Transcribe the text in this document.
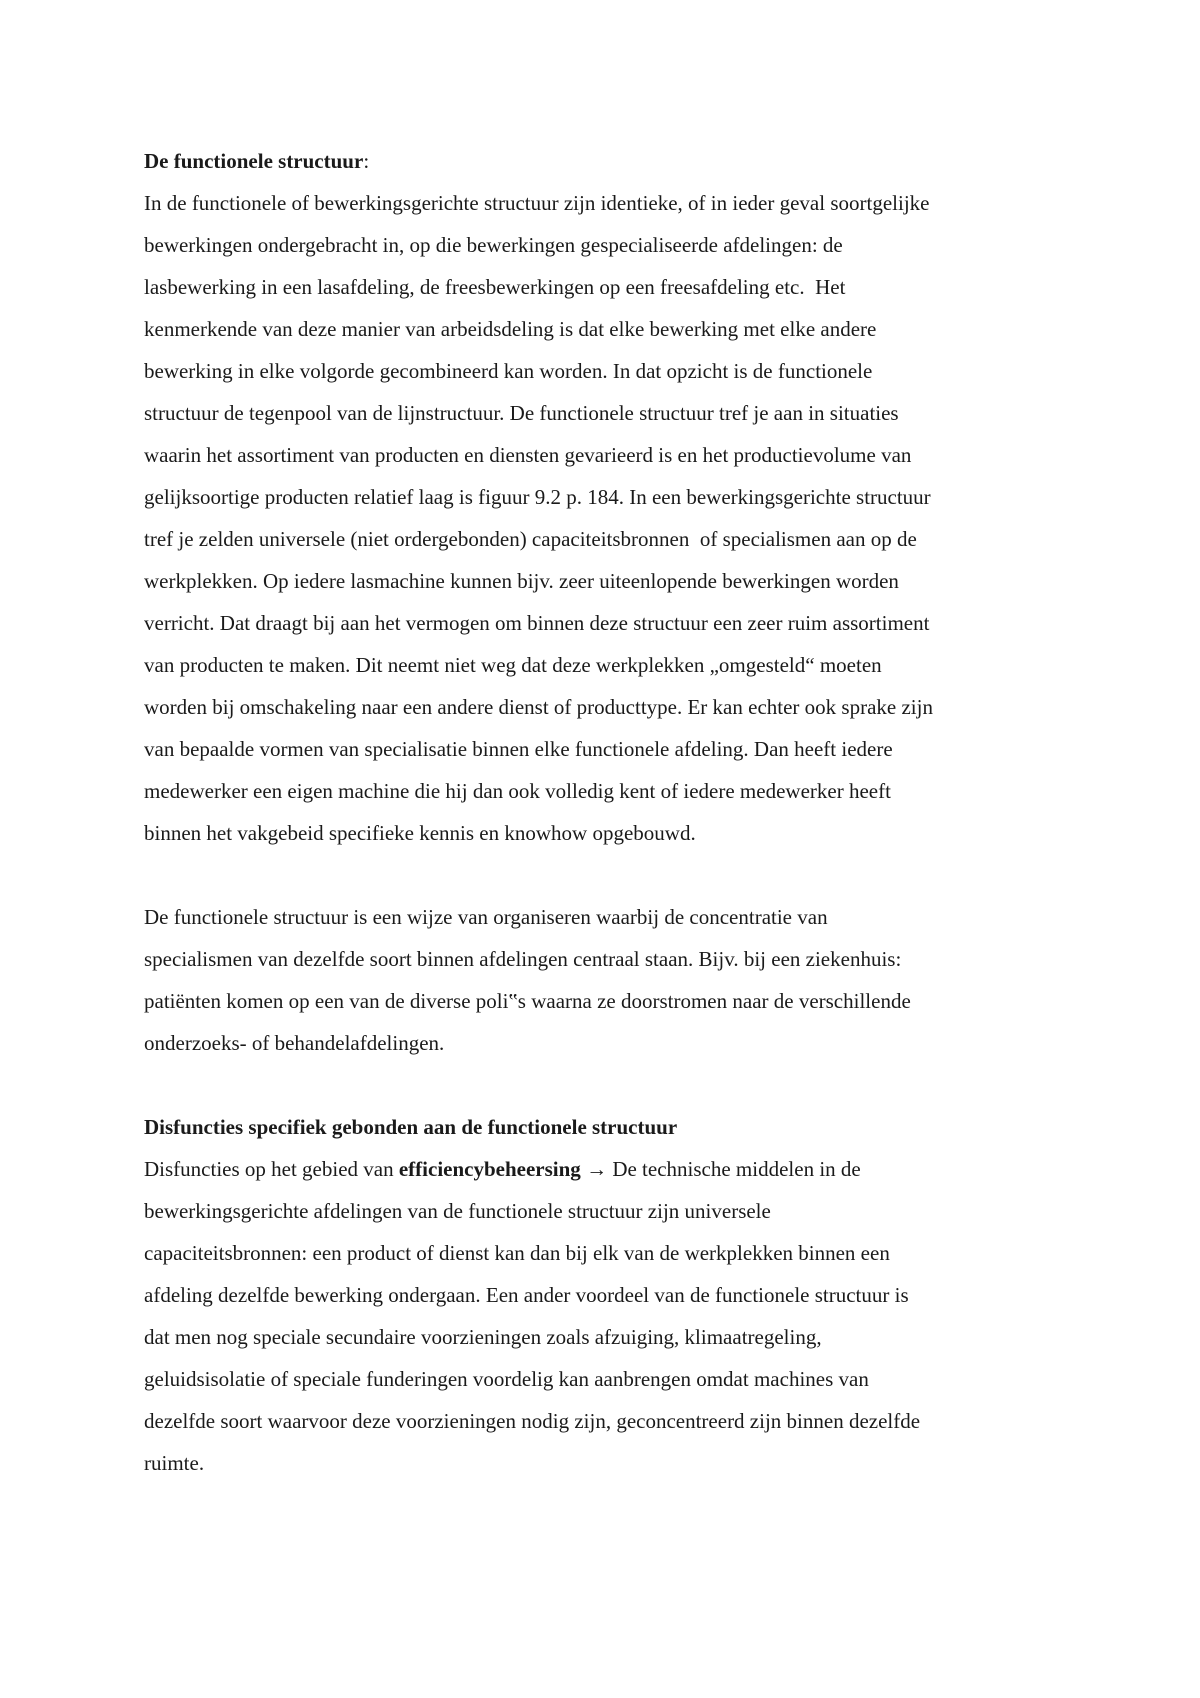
De functionele structuur:
In de functionele of bewerkingsgerichte structuur zijn identieke, of in ieder geval soortgelijke
bewerkingen ondergebracht in, op die bewerkingen gespecialiseerde afdelingen: de
lasbewerking in een lasafdeling, de freesbewerkingen op een freesafdeling etc.  Het
kenmerkende van deze manier van arbeidsdeling is dat elke bewerking met elke andere
bewerking in elke volgorde gecombineerd kan worden. In dat opzicht is de functionele
structuur de tegenpool van de lijnstructuur. De functionele structuur tref je aan in situaties
waarin het assortiment van producten en diensten gevarieerd is en het productievolume van
gelijksoortige producten relatief laag is figuur 9.2 p. 184. In een bewerkingsgerichte structuur
tref je zelden universele (niet ordergebonden) capaciteitsbronnen  of specialismen aan op de
werkplekken. Op iedere lasmachine kunnen bijv. zeer uiteenlopende bewerkingen worden
verricht. Dat draagt bij aan het vermogen om binnen deze structuur een zeer ruim assortiment
van producten te maken. Dit neemt niet weg dat deze werkplekken „omgesteld“ moeten
worden bij omschakeling naar een andere dienst of producttype. Er kan echter ook sprake zijn
van bepaalde vormen van specialisatie binnen elke functionele afdeling. Dan heeft iedere
medewerker een eigen machine die hij dan ook volledig kent of iedere medewerker heeft
binnen het vakgebeid specifieke kennis en knowhow opgebouwd.
De functionele structuur is een wijze van organiseren waarbij de concentratie van
specialismen van dezelfde soort binnen afdelingen centraal staan. Bijv. bij een ziekenhuis:
patiënten komen op een van de diverse poli‟s waarna ze doorstromen naar de verschillende
onderzoeks- of behandelafdelingen.
Disfuncties specifiek gebonden aan de functionele structuur
Disfuncties op het gebied van efficiencybeheersing → De technische middelen in de
bewerkingsgerichte afdelingen van de functionele structuur zijn universele
capaciteitsbronnen: een product of dienst kan dan bij elk van de werkplekken binnen een
afdeling dezelfde bewerking ondergaan. Een ander voordeel van de functionele structuur is
dat men nog speciale secundaire voorzieningen zoals afzuiging, klimaatregeling,
geluidsisolatie of speciale funderingen voordelig kan aanbrengen omdat machines van
dezelfde soort waarvoor deze voorzieningen nodig zijn, geconcentreerd zijn binnen dezelfde
ruimte.
